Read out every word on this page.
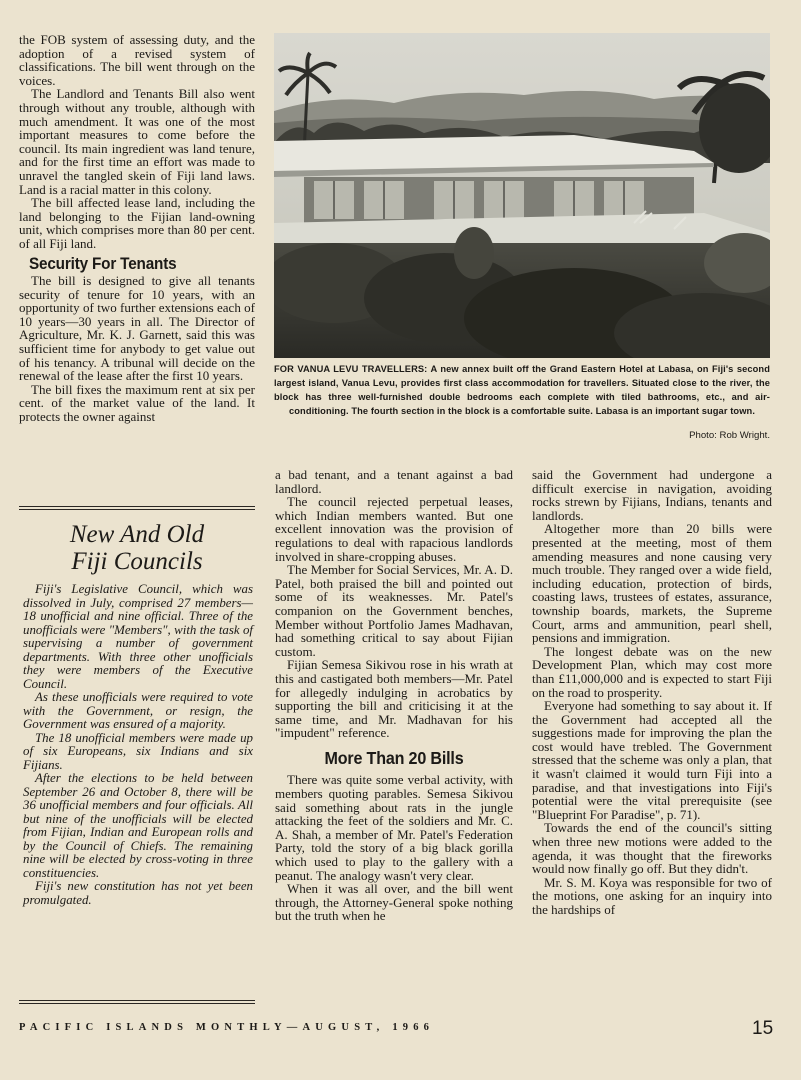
the FOB system of assessing duty, and the adoption of a revised system of classifications. The bill went through on the voices.

The Landlord and Tenants Bill also went through without any trouble, although with much amendment. It was one of the most important measures to come before the council. Its main ingredient was land tenure, and for the first time an effort was made to unravel the tangled skein of Fiji land laws. Land is a racial matter in this colony.

The bill affected lease land, including the land belonging to the Fijian land-owning unit, which comprises more than 80 per cent. of all Fiji land.

Security For Tenants

The bill is designed to give all tenants security of tenure for 10 years, with an opportunity of two further extensions each of 10 years—30 years in all. The Director of Agriculture, Mr. K. J. Garnett, said this was sufficient time for anybody to get value out of his tenancy. A tribunal will decide on the renewal of the lease after the first 10 years.

The bill fixes the maximum rent at six per cent. of the market value of the land. It protects the owner against

New And Old
Fiji Councils

Fiji's Legislative Council, which was dissolved in July, comprised 27 members—18 unofficial and nine official. Three of the unofficials were "Members", with the task of supervising a number of government departments. With three other unofficials they were members of the Executive Council.

As these unofficials were required to vote with the Government, or resign, the Government was ensured of a majority.

The 18 unofficial members were made up of six Europeans, six Indians and six Fijians.

After the elections to be held between September 26 and October 8, there will be 36 unofficial members and four officials. All but nine of the unofficials will be elected from Fijian, Indian and European rolls and by the Council of Chiefs. The remaining nine will be elected by cross-voting in three constituencies.

Fiji's new constitution has not yet been promulgated.

FOR VANUA LEVU TRAVELLERS: A new annex built off the Grand Eastern Hotel at Labasa, on Fiji's second largest island, Vanua Levu, provides first class accommodation for travellers. Situated close to the river, the block has three well-furnished double bedrooms each complete with tiled bathrooms, etc., and air-conditioning. The fourth section in the block is a comfortable suite. Labasa is an important sugar town.
Photo: Rob Wright.

a bad tenant, and a tenant against a bad landlord.

The council rejected perpetual leases, which Indian members wanted. But one excellent innovation was the provision of regulations to deal with rapacious landlords involved in share-cropping abuses.

The Member for Social Services, Mr. A. D. Patel, both praised the bill and pointed out some of its weaknesses. Mr. Patel's companion on the Government benches, Member without Portfolio James Madhavan, had something critical to say about Fijian custom.

Fijian Semesa Sikivou rose in his wrath at this and castigated both members—Mr. Patel for allegedly indulging in acrobatics by supporting the bill and criticising it at the same time, and Mr. Madhavan for his "impudent" reference.

More Than 20 Bills

There was quite some verbal activity, with members quoting parables. Semesa Sikivou said something about rats in the jungle attacking the feet of the soldiers and Mr. C. A. Shah, a member of Mr. Patel's Federation Party, told the story of a big black gorilla which used to play to the gallery with a peanut. The analogy wasn't very clear.

When it was all over, and the bill went through, the Attorney-General spoke nothing but the truth when he

said the Government had undergone a difficult exercise in navigation, avoiding rocks strewn by Fijians, Indians, tenants and landlords.

Altogether more than 20 bills were presented at the meeting, most of them amending measures and none causing very much trouble. They ranged over a wide field, including education, protection of birds, coasting laws, trustees of estates, assurance, township boards, markets, the Supreme Court, arms and ammunition, pearl shell, pensions and immigration.

The longest debate was on the new Development Plan, which may cost more than £11,000,000 and is expected to start Fiji on the road to prosperity.

Everyone had something to say about it. If the Government had accepted all the suggestions made for improving the plan the cost would have trebled. The Government stressed that the scheme was only a plan, that it wasn't claimed it would turn Fiji into a paradise, and that investigations into Fiji's potential were the vital prerequisite (see "Blueprint For Paradise", p. 71).

Towards the end of the council's sitting when three new motions were added to the agenda, it was thought that the fireworks would now finally go off. But they didn't.

Mr. S. M. Koya was responsible for two of the motions, one asking for an inquiry into the hardships of

PACIFIC ISLANDS MONTHLY—AUGUST, 1966	15
